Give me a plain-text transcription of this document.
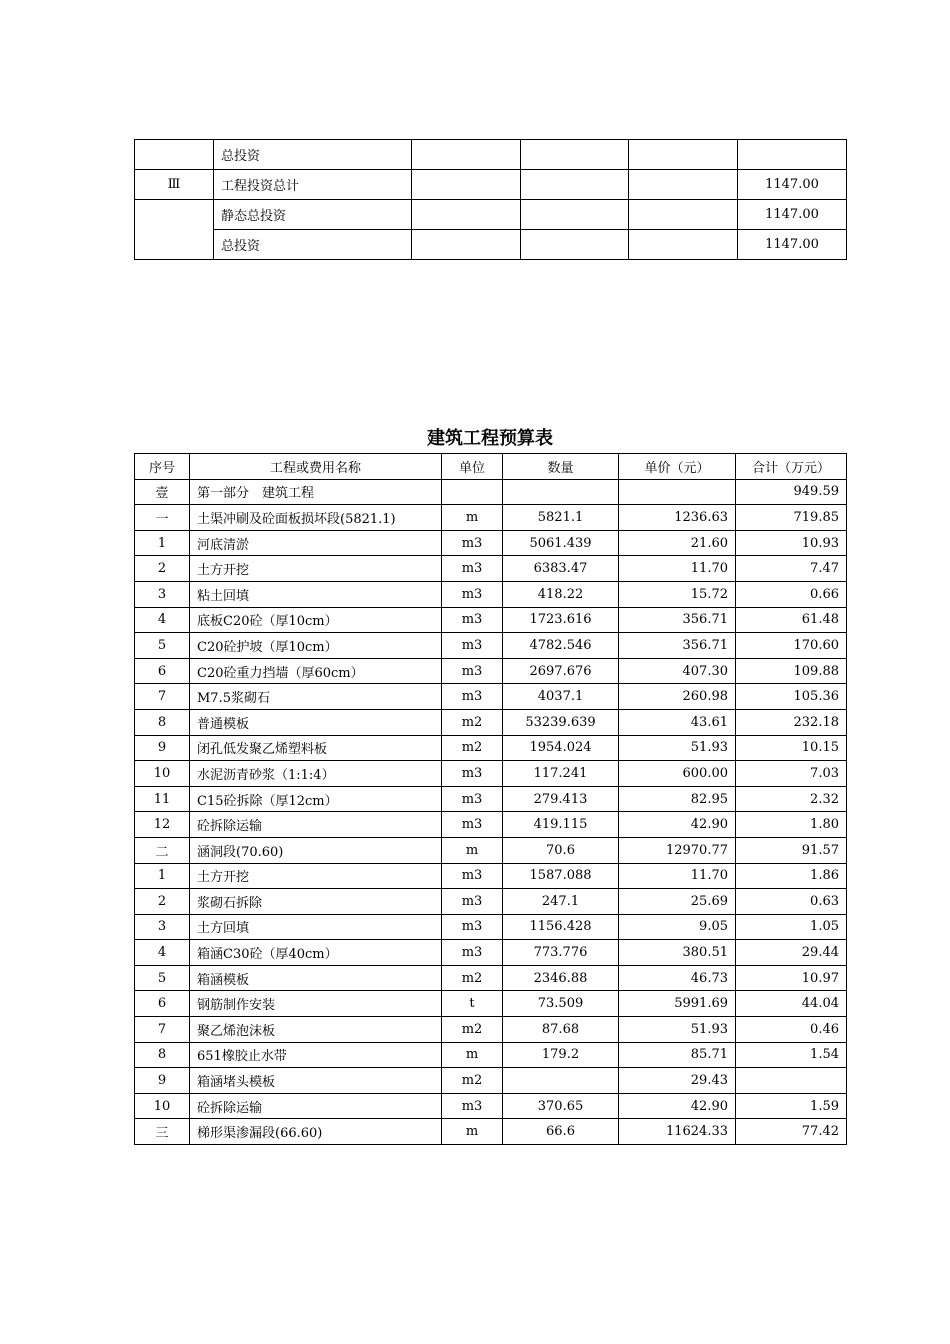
	总投资				
Ⅲ	工程投资总计				1147.00
	静态总投资				1147.00
	总投资				1147.00
建筑工程预算表
序号	工程或费用名称	单位	数量	单价（元）	合计（万元）
壹	第一部分　建筑工程				949.59
一	土渠冲刷及砼面板损坏段(5821.1)	m	5821.1	1236.63	719.85
1	河底清淤	m3	5061.439	21.60	10.93
2	土方开挖	m3	6383.47	11.70	7.47
3	粘土回填	m3	418.22	15.72	0.66
4	底板C20砼（厚10cm）	m3	1723.616	356.71	61.48
5	C20砼护坡（厚10cm）	m3	4782.546	356.71	170.60
6	C20砼重力挡墙（厚60cm）	m3	2697.676	407.30	109.88
7	M7.5浆砌石	m3	4037.1	260.98	105.36
8	普通模板	m2	53239.639	43.61	232.18
9	闭孔低发聚乙烯塑料板	m2	1954.024	51.93	10.15
10	水泥沥青砂浆（1:1:4）	m3	117.241	600.00	7.03
11	C15砼拆除（厚12cm）	m3	279.413	82.95	2.32
12	砼拆除运输	m3	419.115	42.90	1.80
二	涵洞段(70.60)	m	70.6	12970.77	91.57
1	土方开挖	m3	1587.088	11.70	1.86
2	浆砌石拆除	m3	247.1	25.69	0.63
3	土方回填	m3	1156.428	9.05	1.05
4	箱涵C30砼（厚40cm）	m3	773.776	380.51	29.44
5	箱涵模板	m2	2346.88	46.73	10.97
6	钢筋制作安装	t	73.509	5991.69	44.04
7	聚乙烯泡沫板	m2	87.68	51.93	0.46
8	651橡胶止水带	m	179.2	85.71	1.54
9	箱涵堵头模板	m2		29.43	
10	砼拆除运输	m3	370.65	42.90	1.59
三	梯形渠渗漏段(66.60)	m	66.6	11624.33	77.42
